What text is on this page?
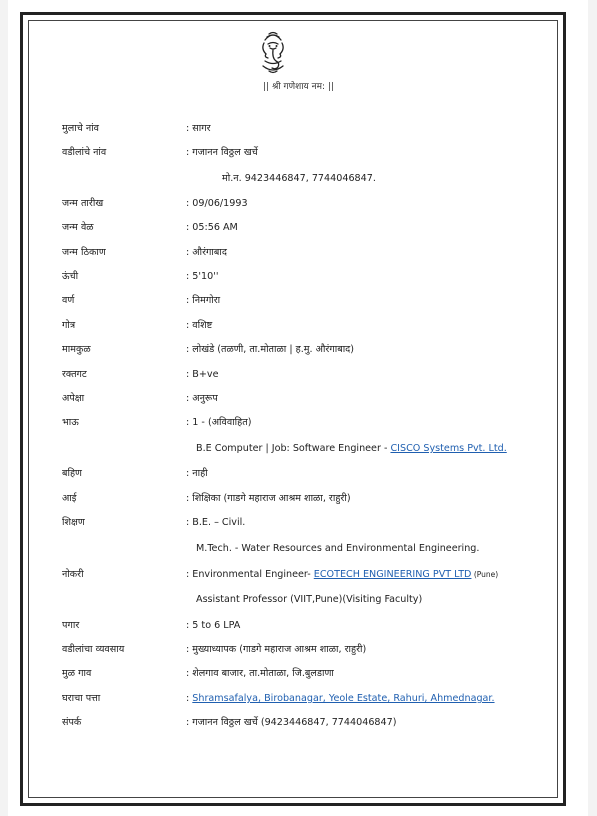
|| श्री गणेशाय नम: ||
मुलाचे नांव	: सागर
वडीलांचे नांव	: गजानन विठ्ठल खर्चे
मो.न. 9423446847, 7744046847.
जन्म तारीख	: 09/06/1993
जन्म वेळ	: 05:56 AM
जन्म ठिकाण	: औरंगाबाद
ऊंची	: 5'10''
वर्ण	: निमगोरा
गोत्र	: वशिष्ट
मामकुळ	: लोखंडे (तळणी, ता.मोताळा | ह.मु. औरंगाबाद)
रक्तगट	: B+ve
अपेक्षा	: अनुरूप
भाऊ	: 1 - (अविवाहित)
B.E Computer | Job: Software Engineer - CISCO Systems Pvt. Ltd.
बहिण	: नाही
आई	: शिक्षिका (गाडगे महाराज आश्रम शाळा, राहुरी)
शिक्षण	: B.E. – Civil.
M.Tech. - Water Resources and Environmental Engineering.
नोकरी	: Environmental Engineer- ECOTECH ENGINEERING PVT LTD (Pune)
Assistant Professor (VIIT,Pune)(Visiting Faculty)
पगार	: 5 to 6 LPA
वडीलांचा व्यवसाय	: मुख्याध्यापक (गाडगे महाराज आश्रम शाळा, राहुरी)
मुळ गाव	: शेलगाव बाजार, ता.मोताळा, जि.बुलडाणा
घराचा पत्ता	: Shramsafalya, Birobanagar, Yeole Estate, Rahuri, Ahmednagar.
संपर्क	: गजानन विठ्ठल खर्चे (9423446847, 7744046847)
